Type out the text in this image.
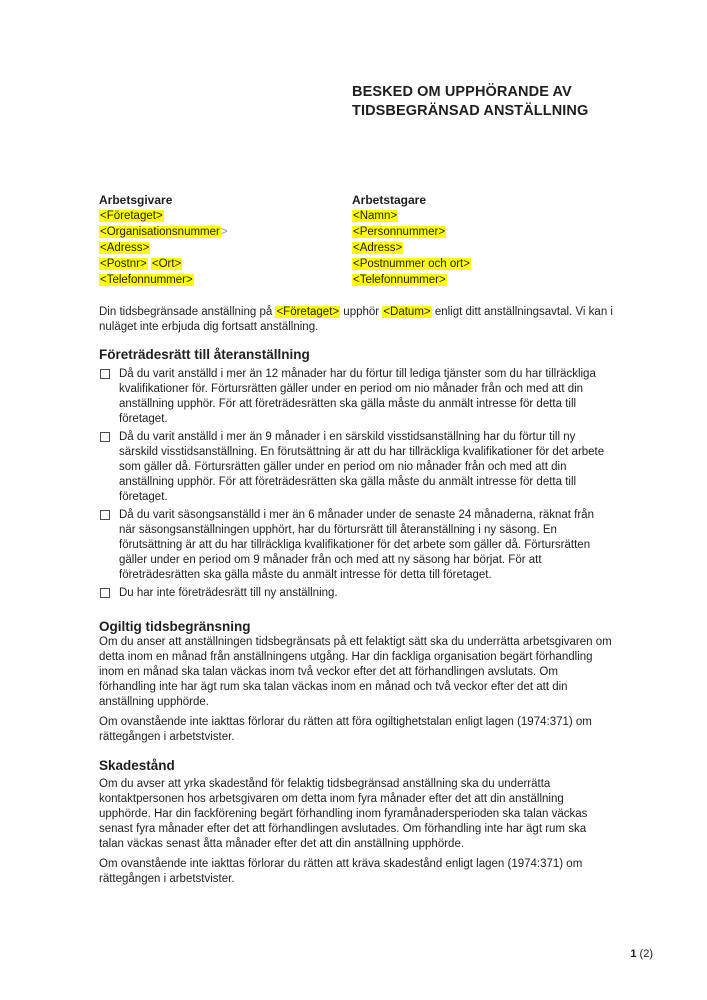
BESKED OM UPPHÖRANDE AV
TIDSBEGRÄNSAD ANSTÄLLNING
Arbetsgivare
<Företaget>
<Organisationsnummer>
<Adress>
<Postnr> <Ort>
<Telefonnummer>
Arbetstagare
<Namn>
<Personnummer>
<Adress>
<Postnummer och ort>
<Telefonnummer>
Din tidsbegränsade anställning på <Företaget> upphör <Datum> enligt ditt anställningsavtal. Vi kan i nuläget inte erbjuda dig fortsatt anställning.
Företrädesrätt till återanställning
Då du varit anställd i mer än 12 månader har du förtur till lediga tjänster som du har tillräckliga kvalifikationer för. Förtursrätten gäller under en period om nio månader från och med att din anställning upphör. För att företrädesrätten ska gälla måste du anmält intresse för detta till företaget.
Då du varit anställd i mer än 9 månader i en särskild visstidsanställning har du förtur till ny särskild visstidsanställning. En förutsättning är att du har tillräckliga kvalifikationer för det arbete som gäller då. Förtursrätten gäller under en period om nio månader från och med att din anställning upphör. För att företrädesrätten ska gälla måste du anmält intresse för detta till företaget.
Då du varit säsongsanställd i mer än 6 månader under de senaste 24 månaderna, räknat från när säsongsanställningen upphört, har du förtursrätt till återanställning i ny säsong. En förutsättning är att du har tillräckliga kvalifikationer för det arbete som gäller då. Förtursrätten gäller under en period om 9 månader från och med att ny säsong har börjat. För att företrädesrätten ska gälla måste du anmält intresse för detta till företaget.
Du har inte företrädesrätt till ny anställning.
Ogiltig tidsbegränsning
Om du anser att anställningen tidsbegränsats på ett felaktigt sätt ska du underrätta arbetsgivaren om detta inom en månad från anställningens utgång. Har din fackliga organisation begärt förhandling inom en månad ska talan väckas inom två veckor efter det att förhandlingen avslutats. Om förhandling inte har ägt rum ska talan väckas inom en månad och två veckor efter det att din anställning upphörde.
Om ovanstående inte iakttas förlorar du rätten att föra ogiltighetstalan enligt lagen (1974:371) om rättegången i arbetstvister.
Skadestånd
Om du avser att yrka skadestånd för felaktig tidsbegränsad anställning ska du underrätta kontaktpersonen hos arbetsgivaren om detta inom fyra månader efter det att din anställning upphörde. Har din fackförening begärt förhandling inom fyramånadersperioden ska talan väckas senast fyra månader efter det att förhandlingen avslutades. Om förhandling inte har ägt rum ska talan väckas senast åtta månader efter det att din anställning upphörde.
Om ovanstående inte iakttas förlorar du rätten att kräva skadestånd enligt lagen (1974:371) om rättegången i arbetstvister.
1 (2)
